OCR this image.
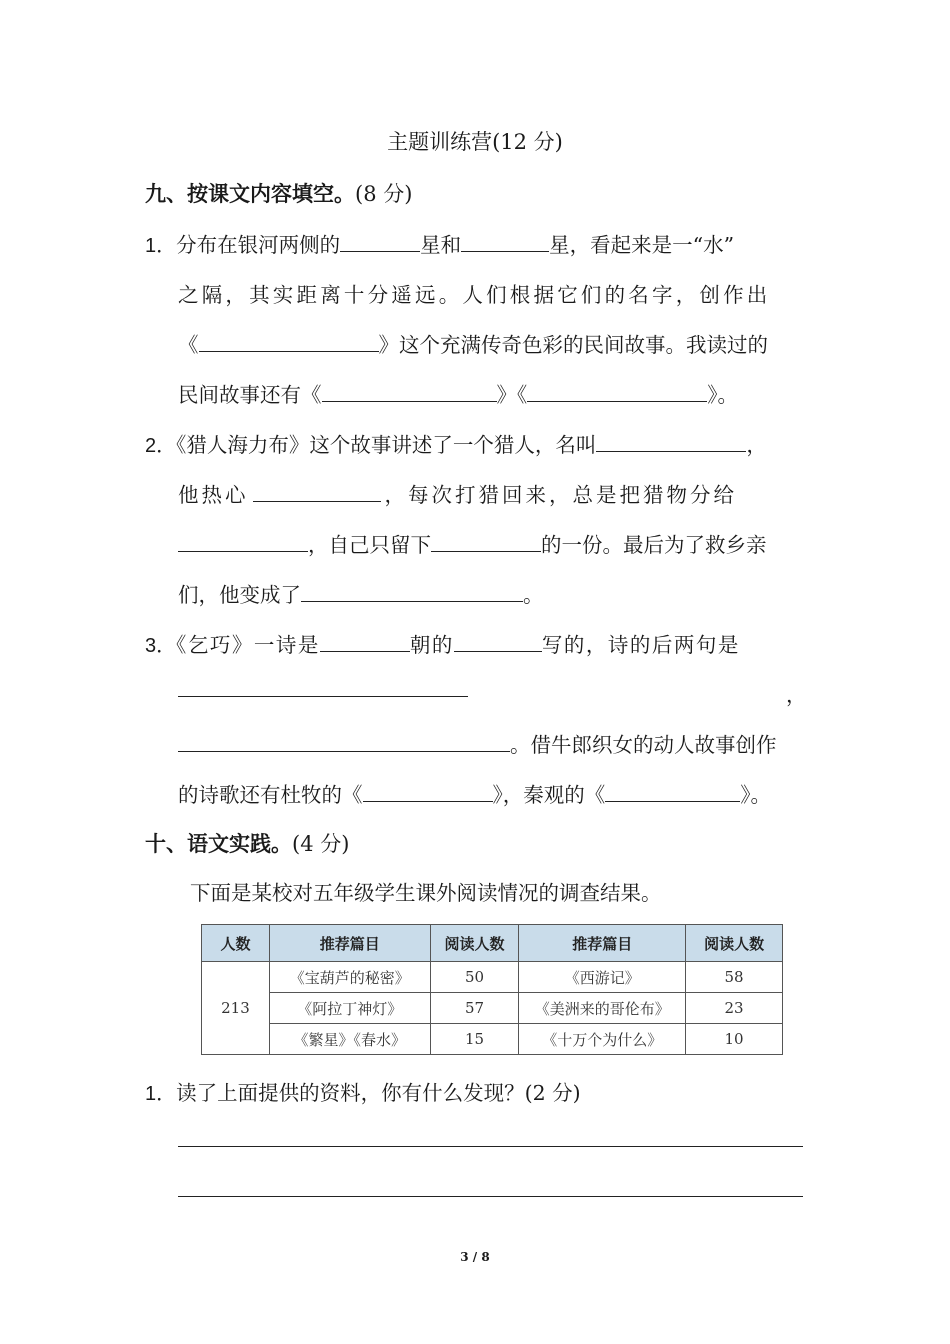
主题训练营(12 分)
九、按课文内容填空。(8 分)
1．分布在银河两侧的	星和	星，看起来是一“水”
之隔，其实距离十分遥远。人们根据它们的名字，创作出
《	》这个充满传奇色彩的民间故事。我读过的
民间故事还有《	》《	》。
2．《猎人海力布》这个故事讲述了一个猎人，名叫	，
他热心	，每次打猎回来，总是把猎物分给
，自己只留下	的一份。最后为了救乡亲
们，他变成了	。
3．《乞巧》一诗是	朝的	写的，诗的后两句是
，
。借牛郎织女的动人故事创作
的诗歌还有杜牧的《	》，秦观的《	》。
十、语文实践。(4 分)
下面是某校对五年级学生课外阅读情况的调查结果。
人数	推荐篇目	阅读人数	推荐篇目	阅读人数
213	《宝葫芦的秘密》	50	《西游记》	58
	《阿拉丁神灯》	57	《美洲来的哥伦布》	23
	《繁星》《春水》	15	《十万个为什么》	10
1．读了上面提供的资料，你有什么发现？(2 分)
3 / 8
